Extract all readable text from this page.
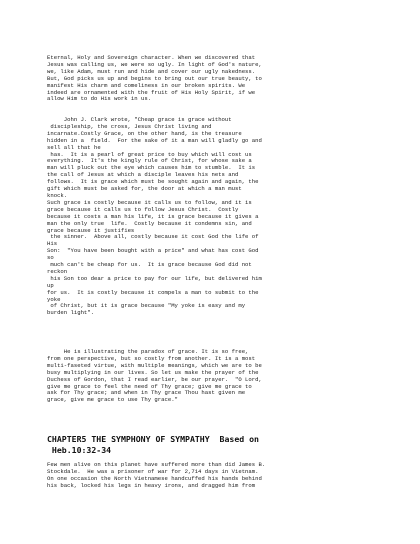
Eternal, Holy and Sovereign character. When we discovered that
Jesus was calling us, we were so ugly. In light of God's nature,
we, like Adam, must run and hide and cover our ugly nakedness.
But, God picks us up and begins to bring out our true beauty, to
manifest His charm and comeliness in our broken spirits. We
indeed are ornamented with the fruit of His Holy Spirit, if we
allow Him to do His work in us.

John J. Clark wrote, "Cheap grace is grace without
discipleship, the cross, Jesus Christ living and
incarnate.Costly Grace, on the other hand, is the treasure
hidden in a  field.  For the sake of it a man will gladly go and
sell all that he
has.  It is a pearl of great price to buy which will cost us
everything.  It's the kingly rule of Christ, for whose sake a
man will pluck out the eye which causes him to stumble.  It is
the call of Jesus at which a disciple leaves his nets and
follows.  It is grace which must be sought again and again, the
gift which must be asked for, the door at which a man must
knock.
Such grace is costly because it calls us to follow, and it is
grace because it calls us to follow Jesus Christ.  Costly
because it costs a man his life, it is grace because it gives a
man the only true  life.  Costly because it condemns sin, and
grace because it justifies
the sinner.  Above all, costly because it cost God the life of
His
Son:  "You have been bought with a price" and what has cost God
so
much can't be cheap for us.  It is grace because God did not
reckon
his Son too dear a price to pay for our life, but delivered him
up
for us.  It is costly because it compels a man to submit to the
yoke
of Christ, but it is grace because "My yoke is easy and my
burden light".

He is illustrating the paradox of grace. It is so free,
from one perspective, but so costly from another. It is a most
multi-faseted virtue, with multiple meanings, which we are to be
busy multiplying in our lives. So let us make the prayer of the
Duchess of Gordon, that I read earlier, be our prayer.  "O Lord,
give me grace to feel the need of Thy grace; give me grace to
ask for Thy grace; and when in Thy grace Thou hast given me
grace, give me grace to use Thy grace."

CHAPTER5 THE SYMPHONY OF SYMPATHY  Based on
Heb.10:32-34

Few men alive on this planet have suffered more than did James B.
Stockdale.  He was a prisoner of war for 2,714 days in Vietnam.
On one occasion the North Vietnamese handcuffed his hands behind
his back, locked his legs in heavy irons, and dragged him from
